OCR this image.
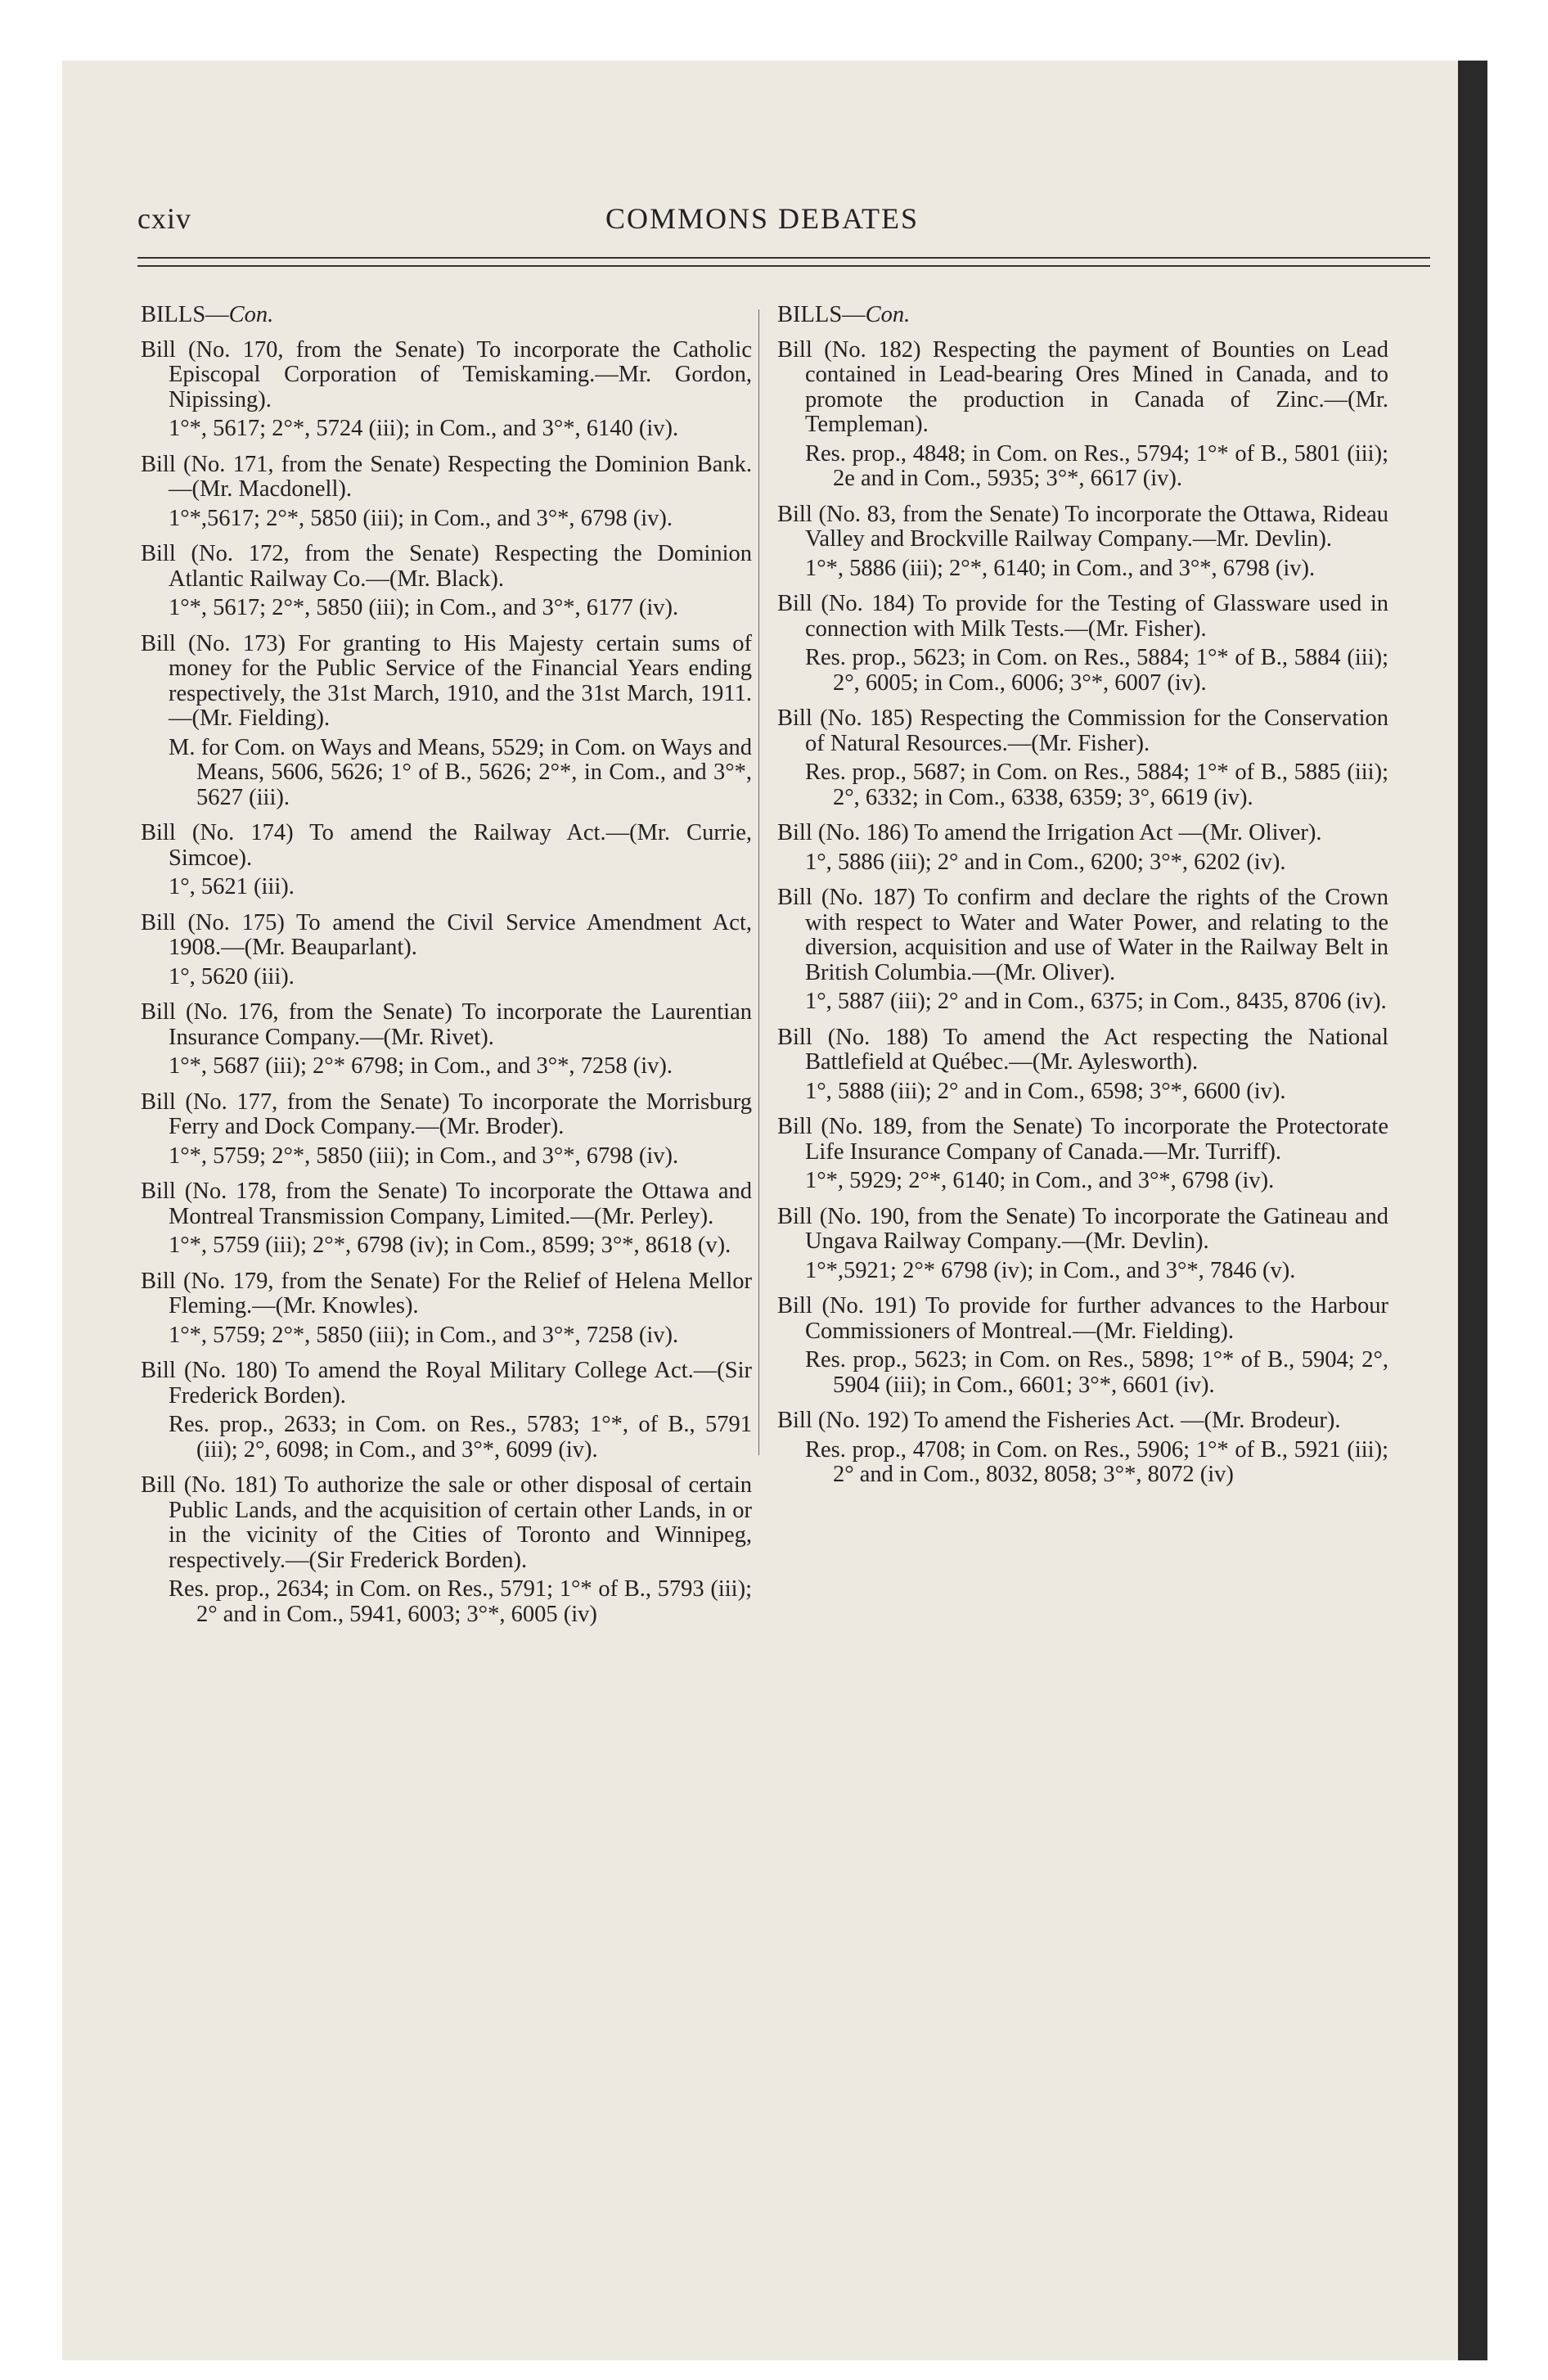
cxiv	COMMONS DEBATES
BILLS—Con.
Bill (No. 170, from the Senate) To incorporate the Catholic Episcopal Corporation of Temiskaming.—Mr. Gordon, Nipissing).
1°*, 5617; 2°*, 5724 (iii); in Com., and 3°*, 6140 (iv).
Bill (No. 171, from the Senate) Respecting the Dominion Bank.—(Mr. Macdonell).
1°*,5617; 2°*, 5850 (iii); in Com., and 3°*, 6798 (iv).
Bill (No. 172, from the Senate) Respecting the Dominion Atlantic Railway Co.—(Mr. Black).
1°*, 5617; 2°*, 5850 (iii); in Com., and 3°*, 6177 (iv).
Bill (No. 173) For granting to His Majesty certain sums of money for the Public Service of the Financial Years ending respectively, the 31st March, 1910, and the 31st March, 1911.—(Mr. Fielding).
M. for Com. on Ways and Means, 5529; in Com. on Ways and Means, 5606, 5626; 1° of B., 5626; 2°*, in Com., and 3°*, 5627 (iii).
Bill (No. 174) To amend the Railway Act.—(Mr. Currie, Simcoe).
1°, 5621 (iii).
Bill (No. 175) To amend the Civil Service Amendment Act, 1908.—(Mr. Beauparlant).
1°, 5620 (iii).
Bill (No. 176, from the Senate) To incorporate the Laurentian Insurance Company.—(Mr. Rivet).
1°*, 5687 (iii); 2°* 6798; in Com., and 3°*, 7258 (iv).
Bill (No. 177, from the Senate) To incorporate the Morrisburg Ferry and Dock Company.—(Mr. Broder).
1°*, 5759; 2°*, 5850 (iii); in Com., and 3°*, 6798 (iv).
Bill (No. 178, from the Senate) To incorporate the Ottawa and Montreal Transmission Company, Limited.—(Mr. Perley).
1°*, 5759 (iii); 2°*, 6798 (iv); in Com., 8599; 3°*, 8618 (v).
Bill (No. 179, from the Senate) For the Relief of Helena Mellor Fleming.—(Mr. Knowles).
1°*, 5759; 2°*, 5850 (iii); in Com., and 3°*, 7258 (iv).
Bill (No. 180) To amend the Royal Military College Act.—(Sir Frederick Borden).
Res. prop., 2633; in Com. on Res., 5783; 1°*, of B., 5791 (iii); 2°, 6098; in Com., and 3°*, 6099 (iv).
Bill (No. 181) To authorize the sale or other disposal of certain Public Lands, and the acquisition of certain other Lands, in or in the vicinity of the Cities of Toronto and Winnipeg, respectively.—(Sir Frederick Borden).
Res. prop., 2634; in Com. on Res., 5791; 1°* of B., 5793 (iii); 2° and in Com., 5941, 6003; 3°*, 6005 (iv)
BILLS—Con.
Bill (No. 182) Respecting the payment of Bounties on Lead contained in Lead-bearing Ores Mined in Canada, and to promote the production in Canada of Zinc.—(Mr. Templeman).
Res. prop., 4848; in Com. on Res., 5794; 1°* of B., 5801 (iii); 2e and in Com., 5935; 3°*, 6617 (iv).
Bill (No. 83, from the Senate) To incorporate the Ottawa, Rideau Valley and Brockville Railway Company.—Mr. Devlin).
1°*, 5886 (iii); 2°*, 6140; in Com., and 3°*, 6798 (iv).
Bill (No. 184) To provide for the Testing of Glassware used in connection with Milk Tests.—(Mr. Fisher).
Res. prop., 5623; in Com. on Res., 5884; 1°* of B., 5884 (iii); 2°, 6005; in Com., 6006; 3°*, 6007 (iv).
Bill (No. 185) Respecting the Commission for the Conservation of Natural Resources.—(Mr. Fisher).
Res. prop., 5687; in Com. on Res., 5884; 1°* of B., 5885 (iii); 2°, 6332; in Com., 6338, 6359; 3°, 6619 (iv).
Bill (No. 186) To amend the Irrigation Act —(Mr. Oliver).
1°, 5886 (iii); 2° and in Com., 6200; 3°*, 6202 (iv).
Bill (No. 187) To confirm and declare the rights of the Crown with respect to Water and Water Power, and relating to the diversion, acquisition and use of Water in the Railway Belt in British Columbia.—(Mr. Oliver).
1°, 5887 (iii); 2° and in Com., 6375; in Com., 8435, 8706 (iv).
Bill (No. 188) To amend the Act respecting the National Battlefield at Québec.—(Mr. Aylesworth).
1°, 5888 (iii); 2° and in Com., 6598; 3°*, 6600 (iv).
Bill (No. 189, from the Senate) To incorporate the Protectorate Life Insurance Company of Canada.—Mr. Turriff).
1°*, 5929; 2°*, 6140; in Com., and 3°*, 6798 (iv).
Bill (No. 190, from the Senate) To incorporate the Gatineau and Ungava Railway Company.—(Mr. Devlin).
1°*,5921; 2°* 6798 (iv); in Com., and 3°*, 7846 (v).
Bill (No. 191) To provide for further advances to the Harbour Commissioners of Montreal.—(Mr. Fielding).
Res. prop., 5623; in Com. on Res., 5898; 1°* of B., 5904; 2°, 5904 (iii); in Com., 6601; 3°*, 6601 (iv).
Bill (No. 192) To amend the Fisheries Act. —(Mr. Brodeur).
Res. prop., 4708; in Com. on Res., 5906; 1°* of B., 5921 (iii); 2° and in Com., 8032, 8058; 3°*, 8072 (iv)
